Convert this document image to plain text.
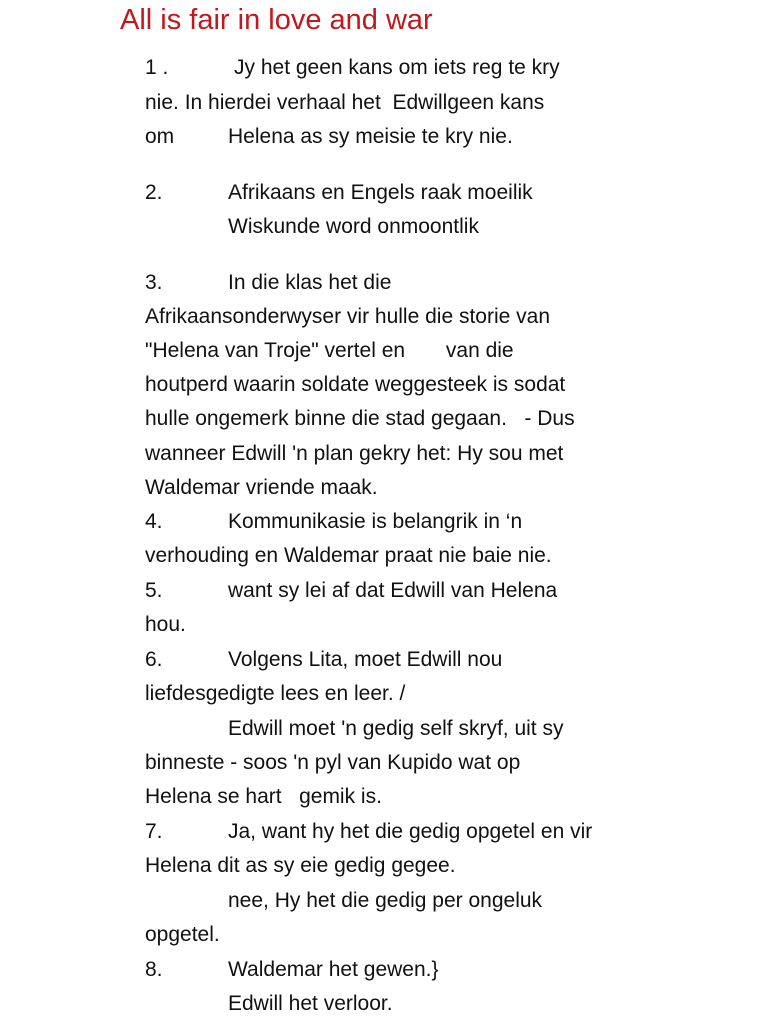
All is fair in love and war
1 .	Jy het geen kans om iets reg te kry
nie. In hierdei verhaal het  Edwillgeen kans
om	Helena as sy meisie te kry nie.
2.	Afrikaans en Engels raak moeilik
Wiskunde word onmoontlik
3.	In die klas het die
Afrikaansonderwyser vir hulle die storie van
"Helena van Troje" vertel en       van die
houtperd waarin soldate weggesteek is sodat
hulle ongemerk binne die stad gegaan.   - Dus
wanneer Edwill 'n plan gekry het: Hy sou met
Waldemar vriende maak.
4.	Kommunikasie is belangrik in ‘n
verhouding en Waldemar praat nie baie nie.
5.	want sy lei af dat Edwill van Helena
hou.
6.	Volgens Lita, moet Edwill nou
liefdesgedigte lees en leer. /
Edwill moet 'n gedig self skryf, uit sy
binneste - soos 'n pyl van Kupido wat op
Helena se hart   gemik is.
7.	Ja, want hy het die gedig opgetel en vir
Helena dit as sy eie gedig gegee.
nee, Hy het die gedig per ongeluk
opgetel.
8.	Waldemar het gewen.}
Edwill het verloor.
